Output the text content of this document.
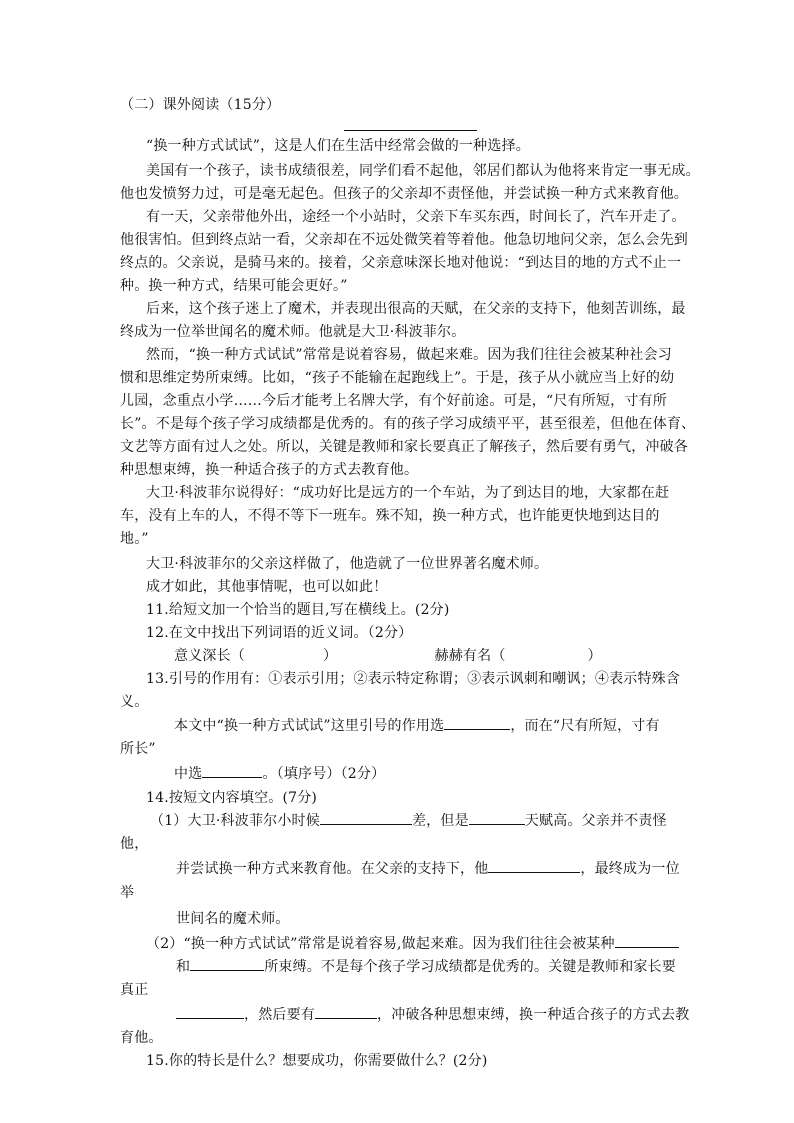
（二）课外阅读（15分）
“换一种方式试试”，这是人们在生活中经常会做的一种选择。
美国有一个孩子，读书成绩很差，同学们看不起他，邻居们都认为他将来肯定一事无成。
他也发愤努力过，可是毫无起色。但孩子的父亲却不责怪他，并尝试换一种方式来教育他。
有一天，父亲带他外出，途经一个小站时，父亲下车买东西，时间长了，汽车开走了。
他很害怕。但到终点站一看，父亲却在不远处微笑着等着他。他急切地问父亲，怎么会先到
终点的。父亲说，是骑马来的。接着，父亲意味深长地对他说：“到达目的地的方式不止一
种。换一种方式，结果可能会更好。”
后来，这个孩子迷上了魔术，并表现出很高的天赋，在父亲的支持下，他刻苦训练，最
终成为一位举世闻名的魔术师。他就是大卫·科波菲尔。
然而，“换一种方式试试”常常是说着容易，做起来难。因为我们往往会被某种社会习
惯和思维定势所束缚。比如，“孩子不能输在起跑线上”。于是，孩子从小就应当上好的幼
儿园，念重点小学……今后才能考上名牌大学，有个好前途。可是，“尺有所短，寸有所
长”。不是每个孩子学习成绩都是优秀的。有的孩子学习成绩平平，甚至很差，但他在体育、
文艺等方面有过人之处。所以，关键是教师和家长要真正了解孩子，然后要有勇气，冲破各
种思想束缚，换一种适合孩子的方式去教育他。
大卫·科波菲尔说得好：“成功好比是远方的一个车站，为了到达目的地，大家都在赶
车，没有上车的人，不得不等下一班车。殊不知，换一种方式，也许能更快地到达目的
地。”
大卫·科波菲尔的父亲这样做了，他造就了一位世界著名魔术师。
成才如此，其他事情呢，也可以如此！
11.给短文加一个恰当的题目,写在横线上。(2分)
12.在文中找出下列词语的近义词。（2分）
意义深长（	）	赫赫有名（	）
13.引号的作用有：①表示引用；②表示特定称谓；③表示讽刺和嘲讽；④表示特殊含
义。
本文中“换一种方式试试”这里引号的作用选	，而在“尺有所短，寸有
所长”
中选	。（填序号）（2分）
14.按短文内容填空。(7分)
（1）大卫·科波菲尔小时候	差，但是	天赋高。父亲并不责怪
他，
并尝试换一种方式来教育他。在父亲的支持下，他	，最终成为一位
举
世间名的魔术师。
（2）“换一种方式试试”常常是说着容易,做起来难。因为我们往往会被某种
和	所束缚。不是每个孩子学习成绩都是优秀的。关键是教师和家长要
真正
，然后要有	，冲破各种思想束缚，换一种适合孩子的方式去教
育他。
15.你的特长是什么？想要成功，你需要做什么？(2分)
